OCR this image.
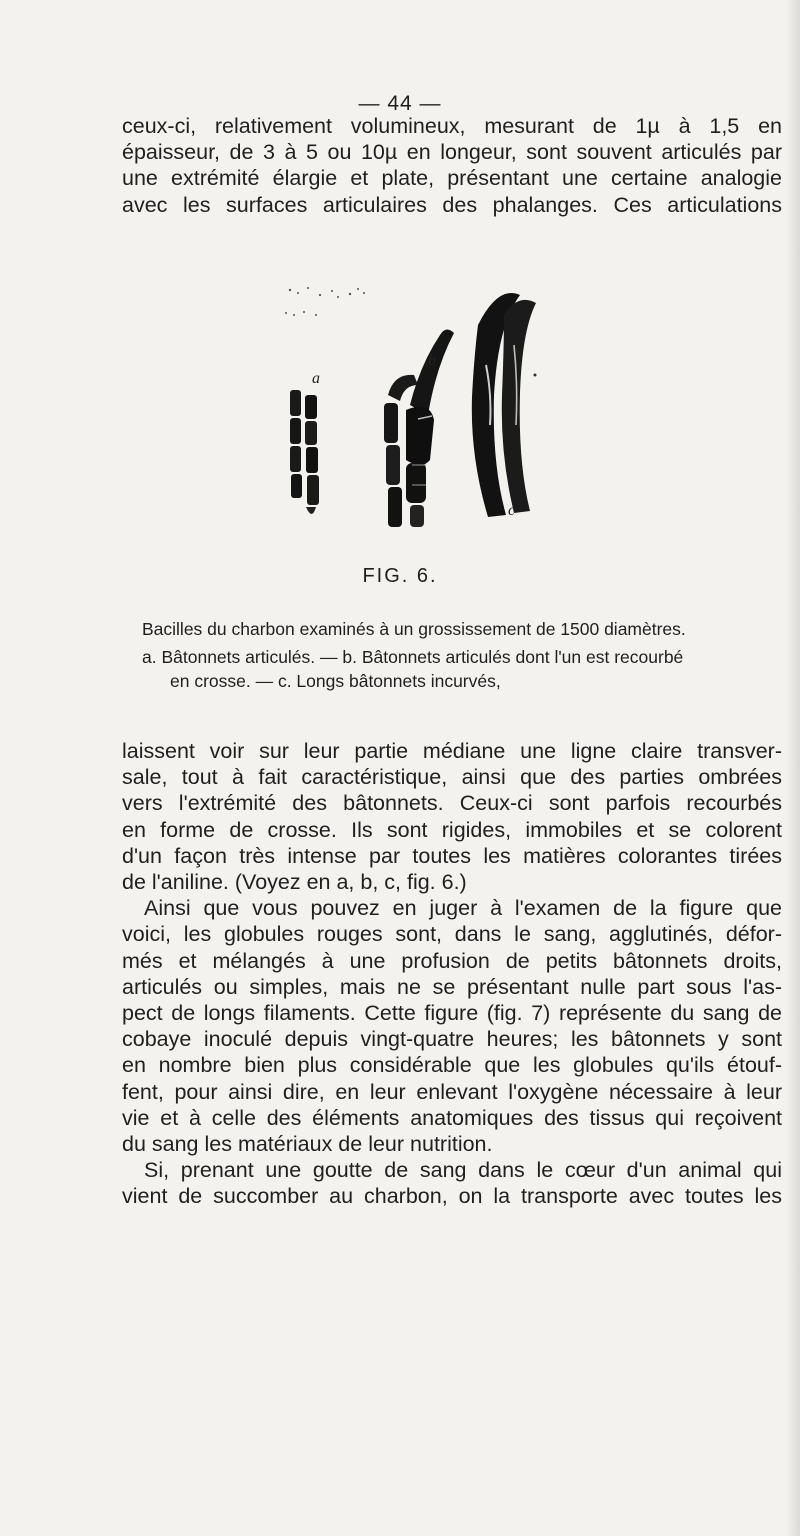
— 44 —
ceux-ci, relativement volumineux, mesurant de 1µ à 1,5 en
épaisseur, de 3 à 5 ou 10µ en longeur, sont souvent articulés par
une extrémité élargie et plate, présentant une certaine analogie
avec les surfaces articulaires des phalanges. Ces articulations
a
b
c
FIG. 6.
Bacilles du charbon examinés à un grossissement de 1500 diamètres.
a. Bâtonnets articulés. — b. Bâtonnets articulés dont l'un est recourbé
en crosse. — c. Longs bâtonnets incurvés,
laissent voir sur leur partie médiane une ligne claire transver-
sale, tout à fait caractéristique, ainsi que des parties ombrées
vers l'extrémité des bâtonnets. Ceux-ci sont parfois recourbés
en forme de crosse. Ils sont rigides, immobiles et se colorent
d'un façon très intense par toutes les matières colorantes tirées
de l'aniline. (Voyez en a, b, c, fig. 6.)
Ainsi que vous pouvez en juger à l'examen de la figure que
voici, les globules rouges sont, dans le sang, agglutinés, défor-
més et mélangés à une profusion de petits bâtonnets droits,
articulés ou simples, mais ne se présentant nulle part sous l'as-
pect de longs filaments. Cette figure (fig. 7) représente du sang de
cobaye inoculé depuis vingt-quatre heures; les bâtonnets y sont
en nombre bien plus considérable que les globules qu'ils étouf-
fent, pour ainsi dire, en leur enlevant l'oxygène nécessaire à leur
vie et à celle des éléments anatomiques des tissus qui reçoivent
du sang les matériaux de leur nutrition.
Si, prenant une goutte de sang dans le cœur d'un animal qui
vient de succomber au charbon, on la transporte avec toutes les
